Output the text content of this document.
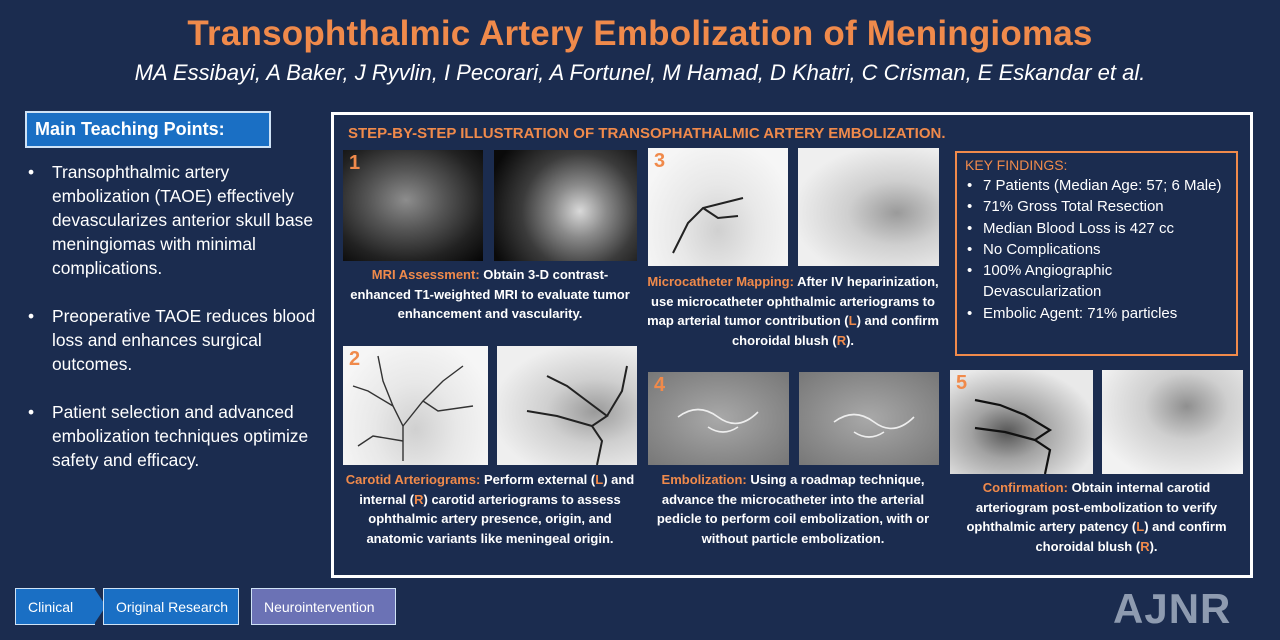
Transophthalmic Artery Embolization of Meningiomas
MA Essibayi, A Baker, J Ryvlin, I Pecorari, A Fortunel, M Hamad, D Khatri, C Crisman, E Eskandar et al.
Main Teaching Points:
• Transophthalmic artery embolization (TAOE) effectively devascularizes anterior skull base meningiomas with minimal complications.
• Preoperative TAOE reduces blood loss and enhances surgical outcomes.
• Patient selection and advanced embolization techniques optimize safety and efficacy.
STEP-BY-STEP ILLUSTRATION OF TRANSOPHATHALMIC ARTERY EMBOLIZATION.
1
MRI Assessment: Obtain 3-D contrast-enhanced T1-weighted MRI to evaluate tumor enhancement and vascularity.
2
Carotid Arteriograms: Perform external (L) and internal (R) carotid arteriograms to assess ophthalmic artery presence, origin, and anatomic variants like meningeal origin.
3
Microcatheter Mapping: After IV heparinization, use microcatheter ophthalmic arteriograms to map arterial tumor contribution (L) and confirm choroidal blush (R).
4
Embolization: Using a roadmap technique, advance the microcatheter into the arterial pedicle to perform coil embolization, with or without particle embolization.
KEY FINDINGS:
• 7 Patients (Median Age: 57; 6 Male)
• 71% Gross Total Resection
• Median Blood Loss is 427 cc
• No Complications
• 100% Angiographic Devascularization
• Embolic Agent: 71% particles
5
Confirmation: Obtain internal carotid arteriogram post-embolization to verify ophthalmic artery patency (L) and confirm choroidal blush (R).
Clinical	Original Research	Neurointervention	AJNR
